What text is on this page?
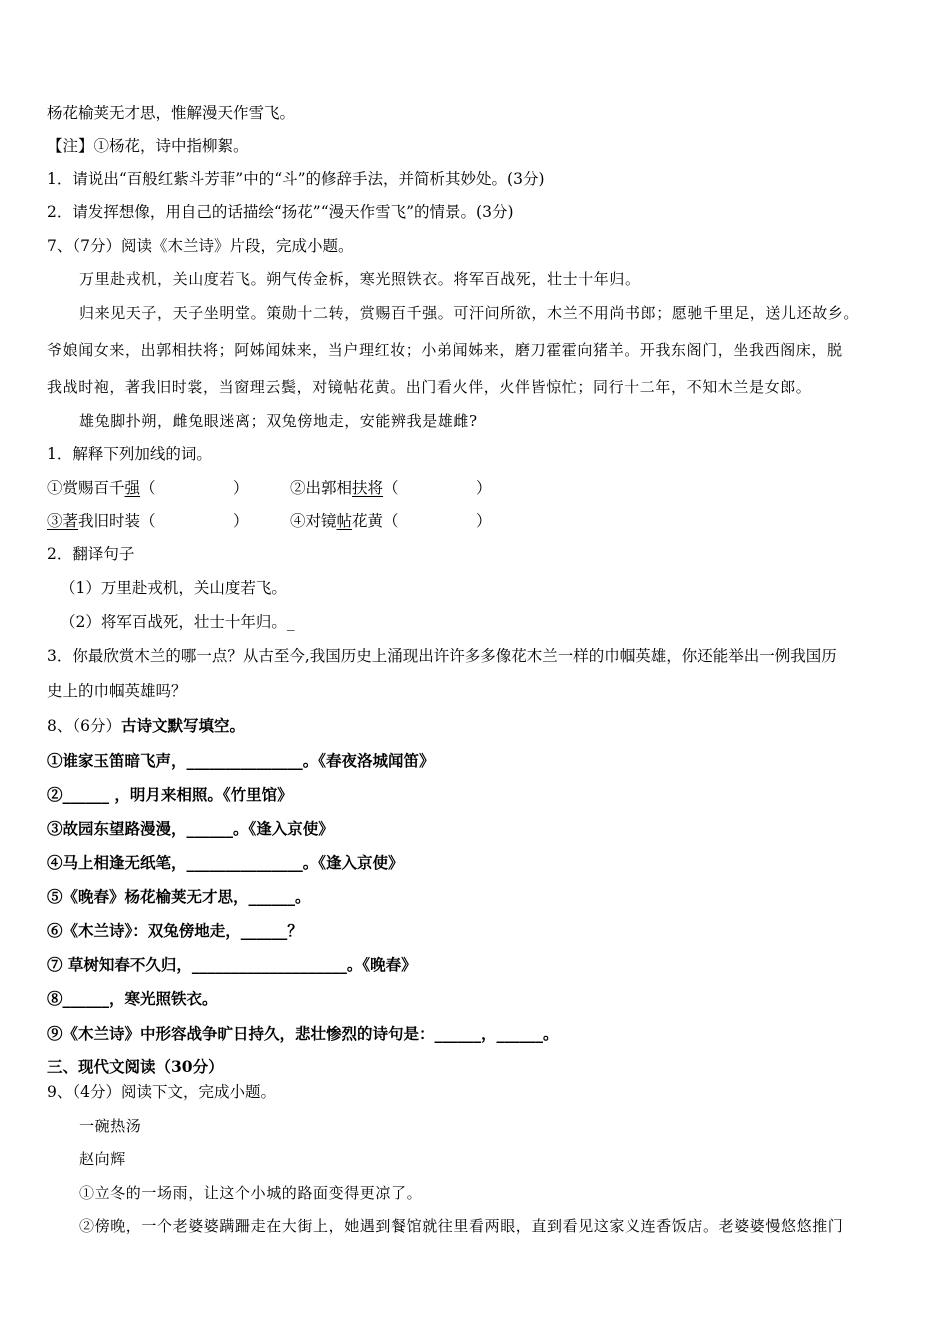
杨花榆荚无才思，惟解漫天作雪飞。
【注】①杨花，诗中指柳絮。
1．请说出“百般红紫斗芳菲”中的“斗”的修辞手法，并简析其妙处。(3分)
2．请发挥想像，用自己的话描绘“扬花”“漫天作雪飞”的情景。(3分)
7、（7分）阅读《木兰诗》片段，完成小题。
万里赴戎机，关山度若飞。朔气传金柝，寒光照铁衣。将军百战死，壮士十年归。
归来见天子，天子坐明堂。策勋十二转，赏赐百千强。可汗问所欲，木兰不用尚书郎；愿驰千里足，送儿还故乡。
爷娘闻女来，出郭相扶将；阿姊闻妹来，当户理红妆；小弟闻姊来，磨刀霍霍向猪羊。开我东阁门，坐我西阁床，脱
我战时袍，著我旧时裳，当窗理云鬓，对镜帖花黄。出门看火伴，火伴皆惊忙；同行十二年，不知木兰是女郎。
雄兔脚扑朔，雌兔眼迷离；双兔傍地走，安能辨我是雄雌?
1．解释下列加线的词。
①赏赐百千强（　　　　　）	②出郭相扶将（　　　　　）
③著我旧时装（　　　　　）	④对镜帖花黄（　　　　　）
2．翻译句子
（1）万里赴戎机，关山度若飞。
（2）将军百战死，壮士十年归。_
3．你最欣赏木兰的哪一点？从古至今,我国历史上涌现出许许多多像花木兰一样的巾帼英雄，你还能举出一例我国历
史上的巾帼英雄吗？
8、（6分）古诗文默写填空。
①谁家玉笛暗飞声，_______________。《春夜洛城闻笛》
②______ ，明月来相照。《竹里馆》
③故园东望路漫漫，______。《逢入京使》
④马上相逢无纸笔，_______________。《逢入京使》
⑤《晚春》杨花榆荚无才思，______。
⑥《木兰诗》：双兔傍地走，______？
⑦ 草树知春不久归，____________________。《晚春》
⑧______，寒光照铁衣。
⑨《木兰诗》中形容战争旷日持久，悲壮惨烈的诗句是：______，______。
三、现代文阅读（30分）
9、（4分）阅读下文，完成小题。
一碗热汤
赵向辉
①立冬的一场雨，让这个小城的路面变得更凉了。
②傍晚，一个老婆婆蹒跚走在大街上，她遇到餐馆就往里看两眼，直到看见这家义连香饭店。老婆婆慢悠悠推门
